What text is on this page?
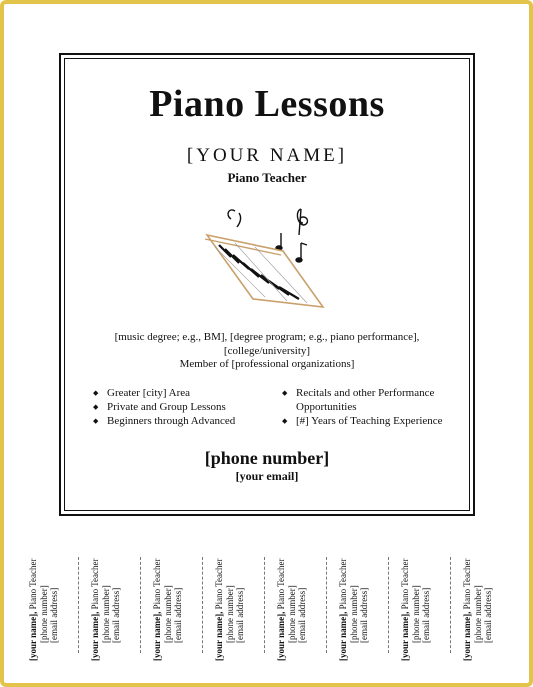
Piano Lessons
[YOUR NAME]
Piano Teacher
[music degree; e.g., BM], [degree program; e.g., piano performance],
[college/university]
Member of [professional organizations]
◆ Greater [city] Area
◆ Private and Group Lessons
◆ Beginners through Advanced
◆ Recitals and other Performance Opportunities
◆ [#] Years of Teaching Experience
[phone number]
[your email]
[your name], Piano Teacher
[phone number] [email address]	[your name], Piano Teacher
[phone number] [email address]	[your name], Piano Teacher
[phone number] [email address]	[your name], Piano Teacher
[phone number] [email address]	[your name], Piano Teacher
[phone number] [email address]	[your name], Piano Teacher
[phone number] [email address]	[your name], Piano Teacher
[phone number] [email address]	[your name], Piano Teacher
[phone number] [email address]
